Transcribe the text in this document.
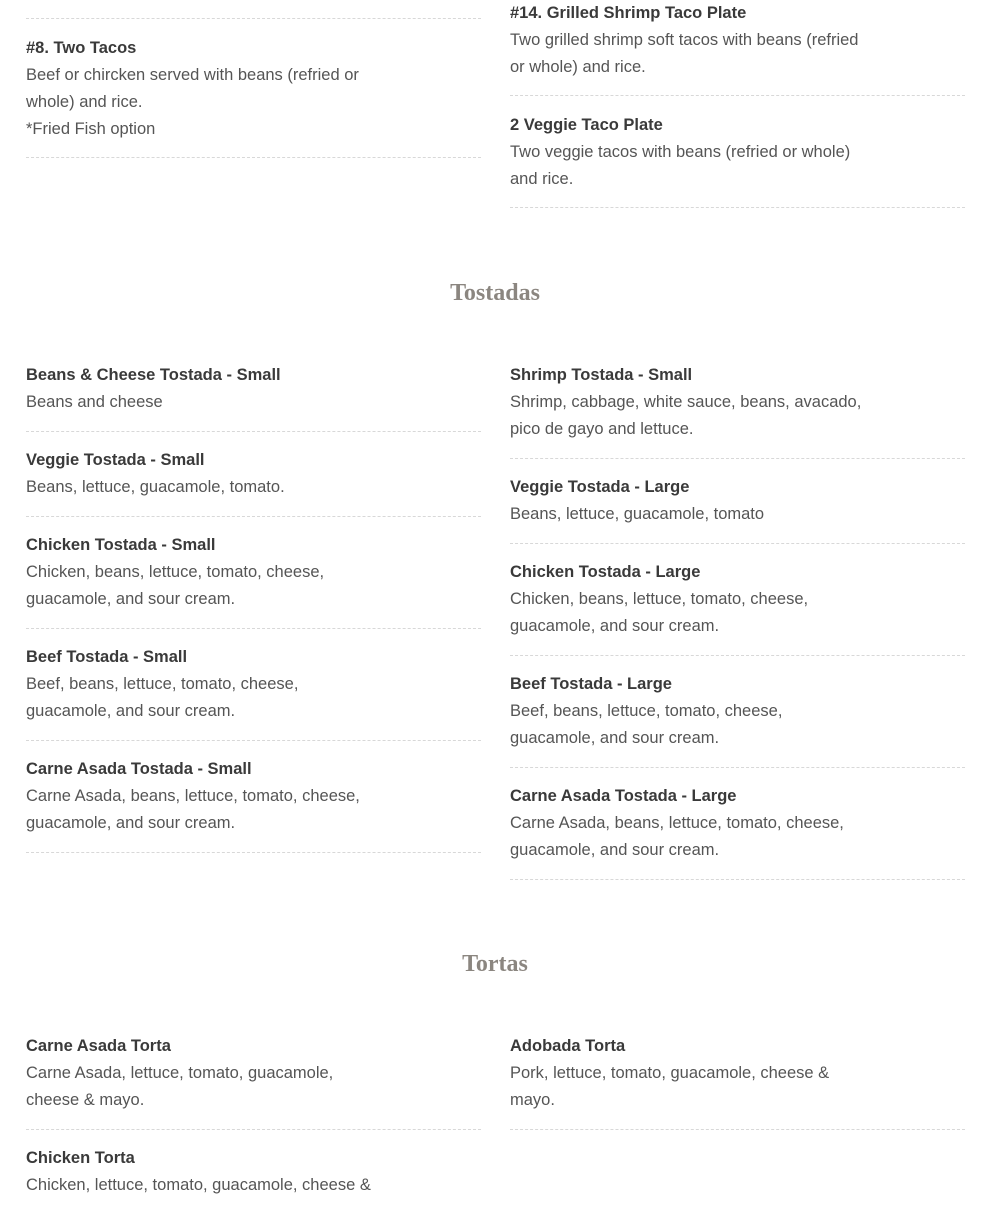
#8. Two Tacos
Beef or chircken served with beans (refried or whole) and rice.
*Fried Fish option
#14. Grilled Shrimp Taco Plate
Two grilled shrimp soft tacos with beans (refried or whole) and rice.
2 Veggie Taco Plate
Two veggie tacos with beans (refried or whole) and rice.
Tostadas
Beans & Cheese Tostada - Small
Beans and cheese
Veggie Tostada - Small
Beans, lettuce, guacamole, tomato.
Chicken Tostada - Small
Chicken, beans, lettuce, tomato, cheese, guacamole, and sour cream.
Beef Tostada - Small
Beef, beans, lettuce, tomato, cheese, guacamole, and sour cream.
Carne Asada Tostada - Small
Carne Asada, beans, lettuce, tomato, cheese, guacamole, and sour cream.
Shrimp Tostada - Small
Shrimp, cabbage, white sauce, beans, avacado, pico de gayo and lettuce.
Veggie Tostada - Large
Beans, lettuce, guacamole, tomato
Chicken Tostada - Large
Chicken, beans, lettuce, tomato, cheese, guacamole, and sour cream.
Beef Tostada - Large
Beef, beans, lettuce, tomato, cheese, guacamole, and sour cream.
Carne Asada Tostada - Large
Carne Asada, beans, lettuce, tomato, cheese, guacamole, and sour cream.
Tortas
Carne Asada Torta
Carne Asada, lettuce, tomato, guacamole, cheese & mayo.
Chicken Torta
Chicken, lettuce, tomato, guacamole, cheese &
Adobada Torta
Pork, lettuce, tomato, guacamole, cheese & mayo.
